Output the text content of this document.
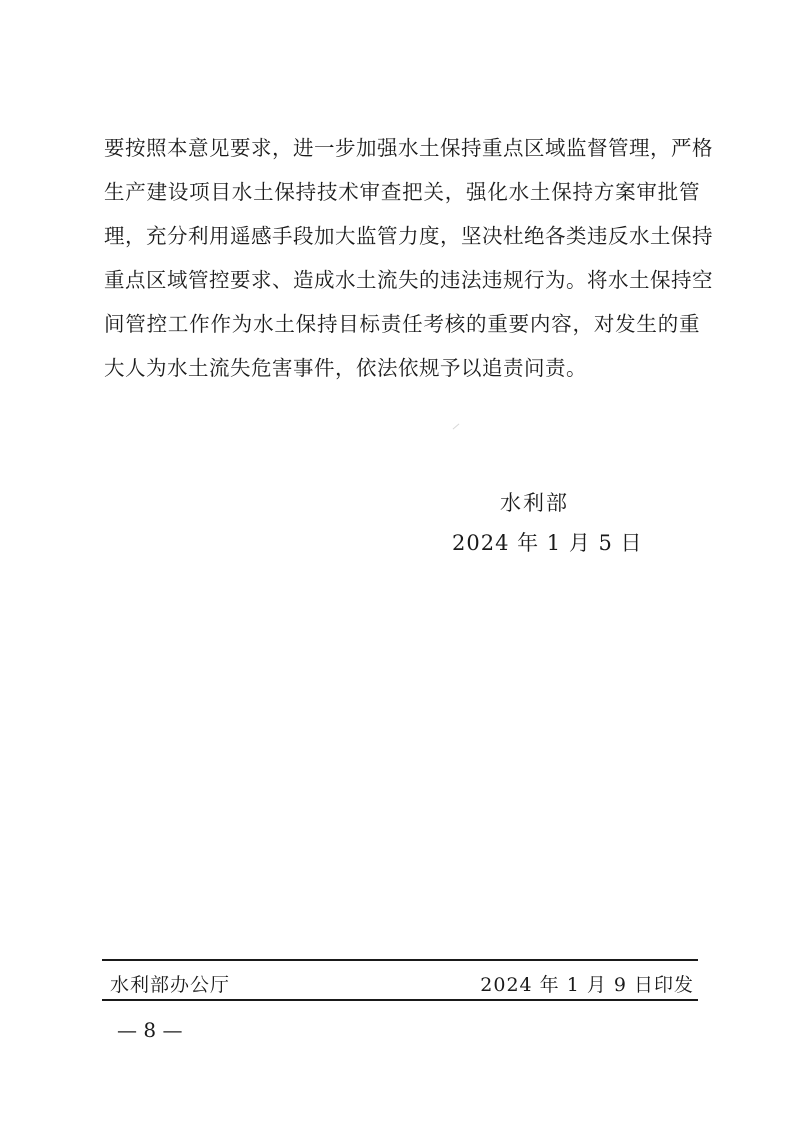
要按照本意见要求，进一步加强水土保持重点区域监督管理，严格
生产建设项目水土保持技术审查把关，强化水土保持方案审批管
理，充分利用遥感手段加大监管力度，坚决杜绝各类违反水土保持
重点区域管控要求、造成水土流失的违法违规行为。将水土保持空
间管控工作作为水土保持目标责任考核的重要内容，对发生的重
大人为水土流失危害事件，依法依规予以追责问责。
水利部
2024 年 1 月 5 日
水利部办公厅	2024 年 1 月 9 日印发
— 8 —
